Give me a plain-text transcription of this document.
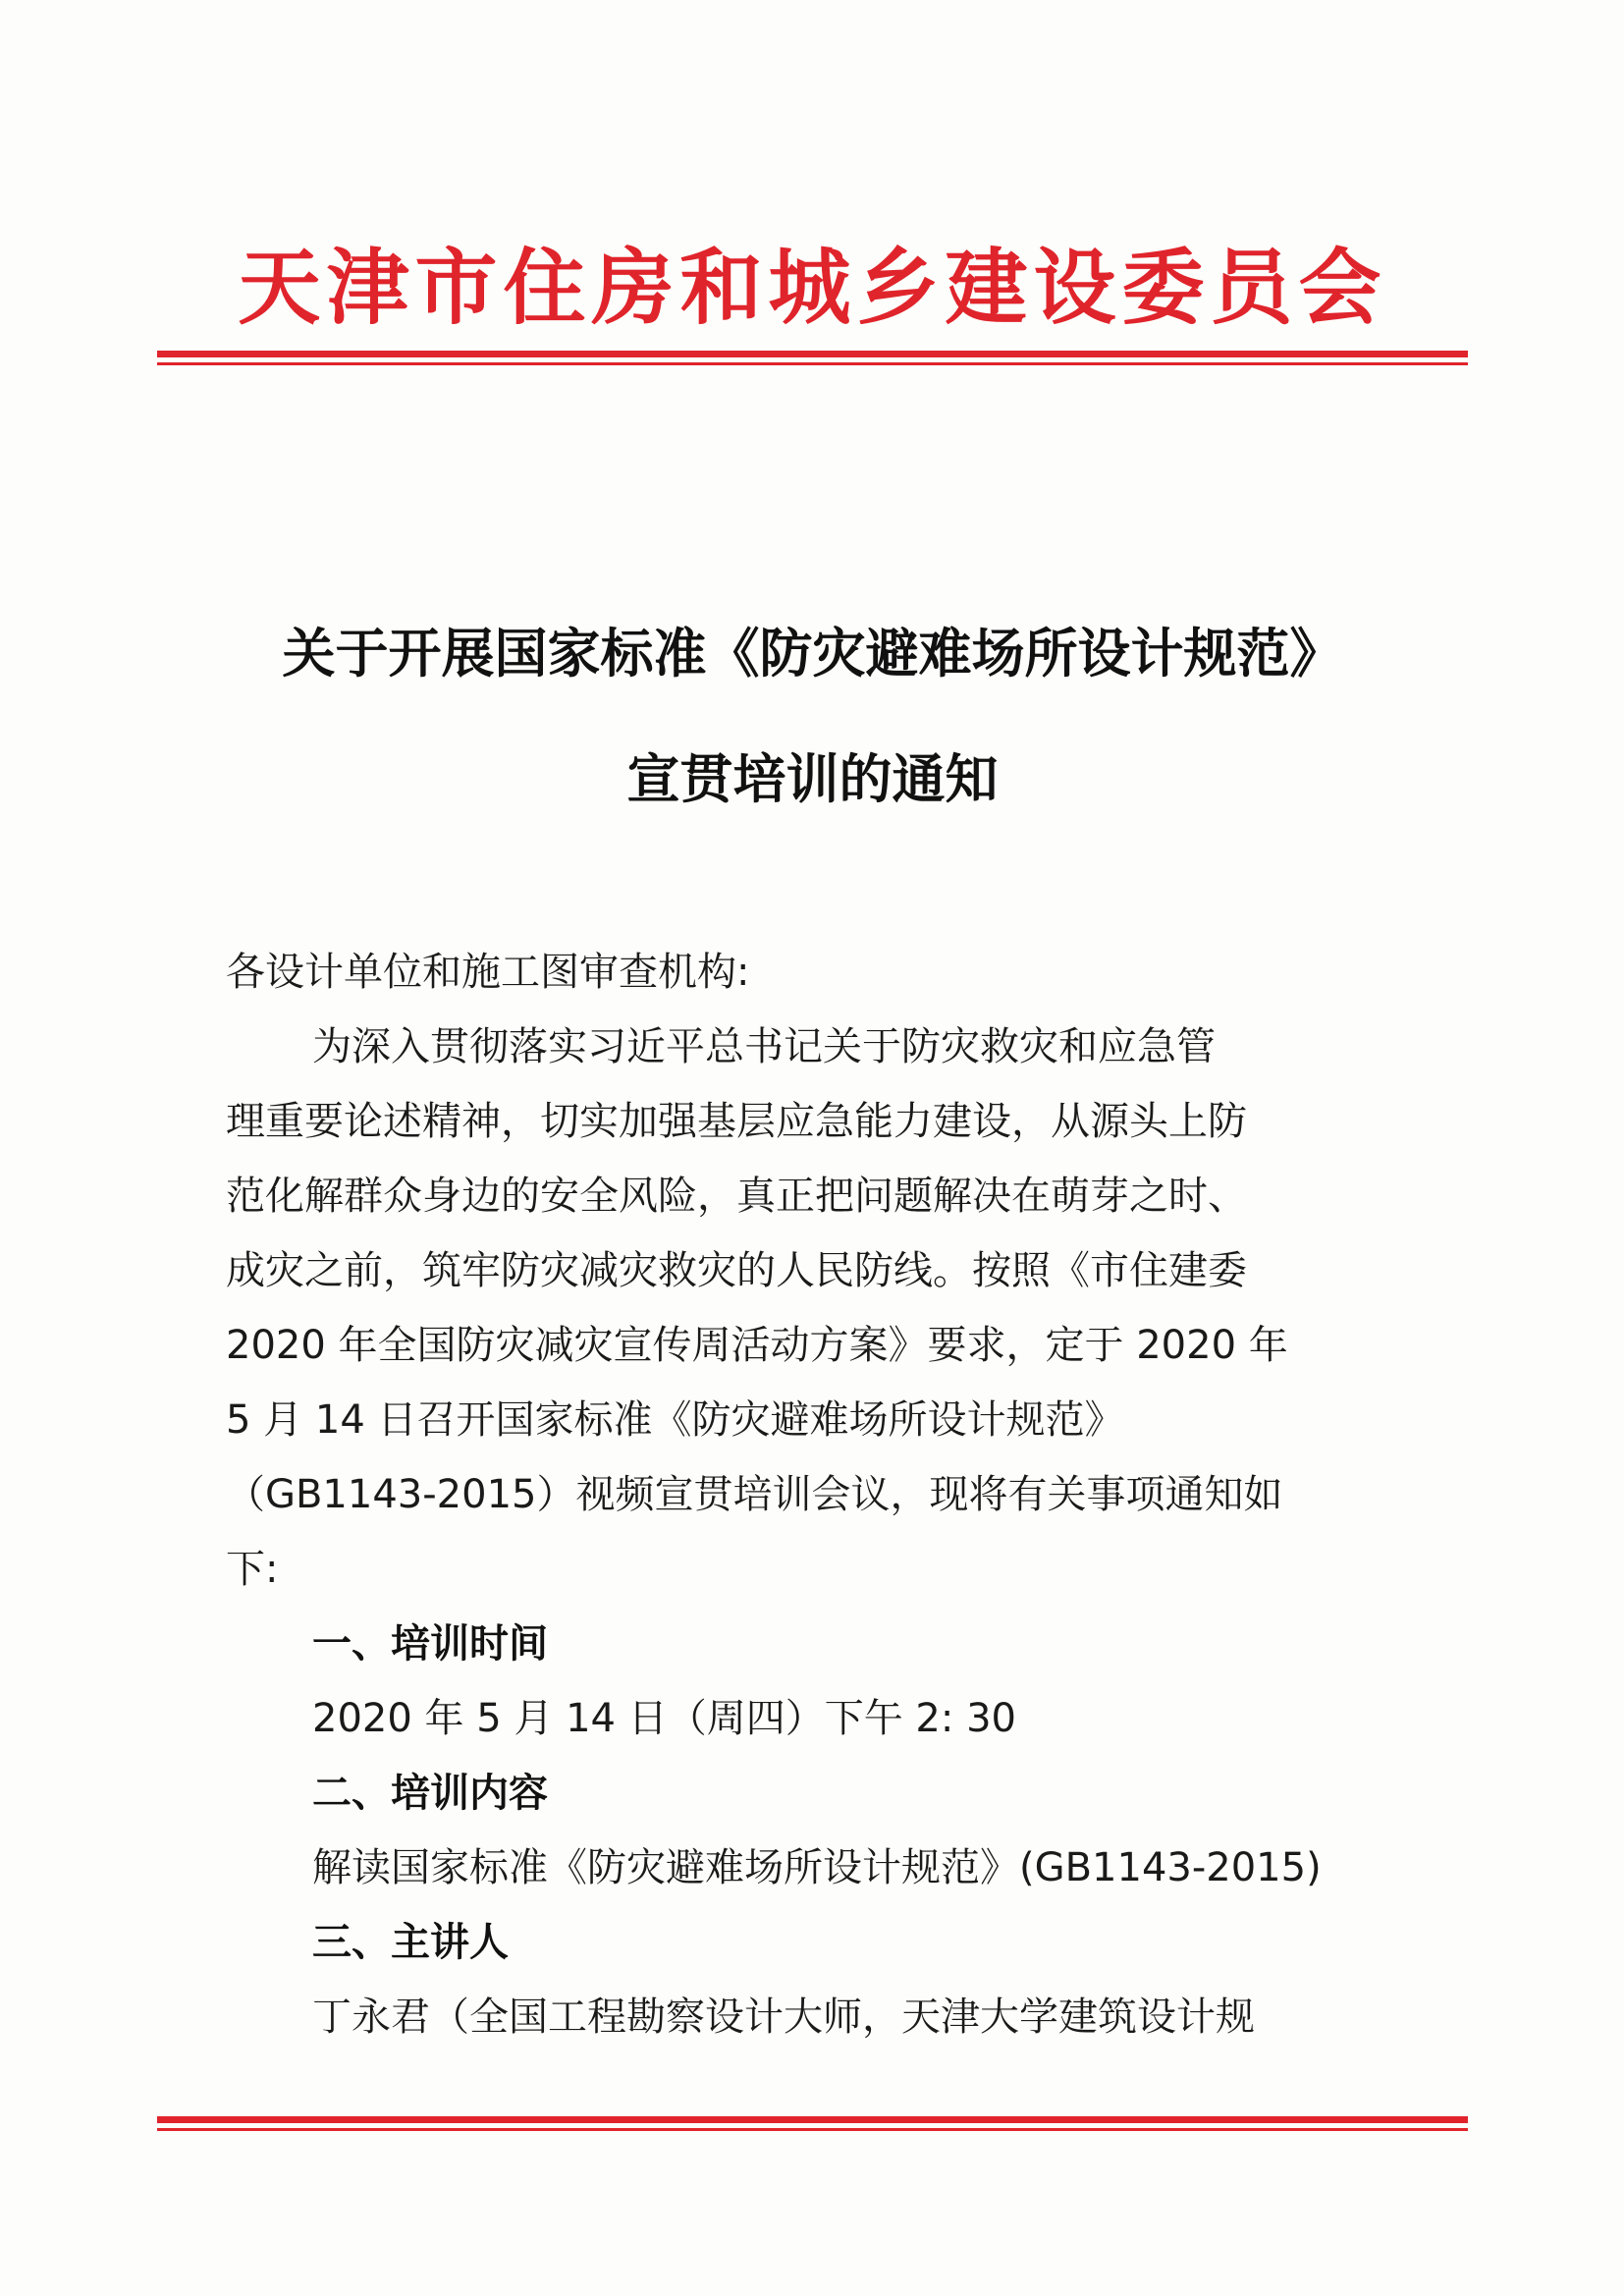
天津市住房和城乡建设委员会
关于开展国家标准《防灾避难场所设计规范》
宣贯培训的通知
各设计单位和施工图审查机构:
为深入贯彻落实习近平总书记关于防灾救灾和应急管
理重要论述精神，切实加强基层应急能力建设，从源头上防
范化解群众身边的安全风险，真正把问题解决在萌芽之时、
成灾之前，筑牢防灾减灾救灾的人民防线。按照《市住建委
2020 年全国防灾减灾宣传周活动方案》要求，定于 2020 年
5 月 14 日召开国家标准《防灾避难场所设计规范》
（GB1143-2015）视频宣贯培训会议，现将有关事项通知如
下:
一、培训时间
2020 年 5 月 14 日（周四）下午 2: 30
二、培训内容
解读国家标准《防灾避难场所设计规范》(GB1143-2015)
三、主讲人
丁永君（全国工程勘察设计大师，天津大学建筑设计规
